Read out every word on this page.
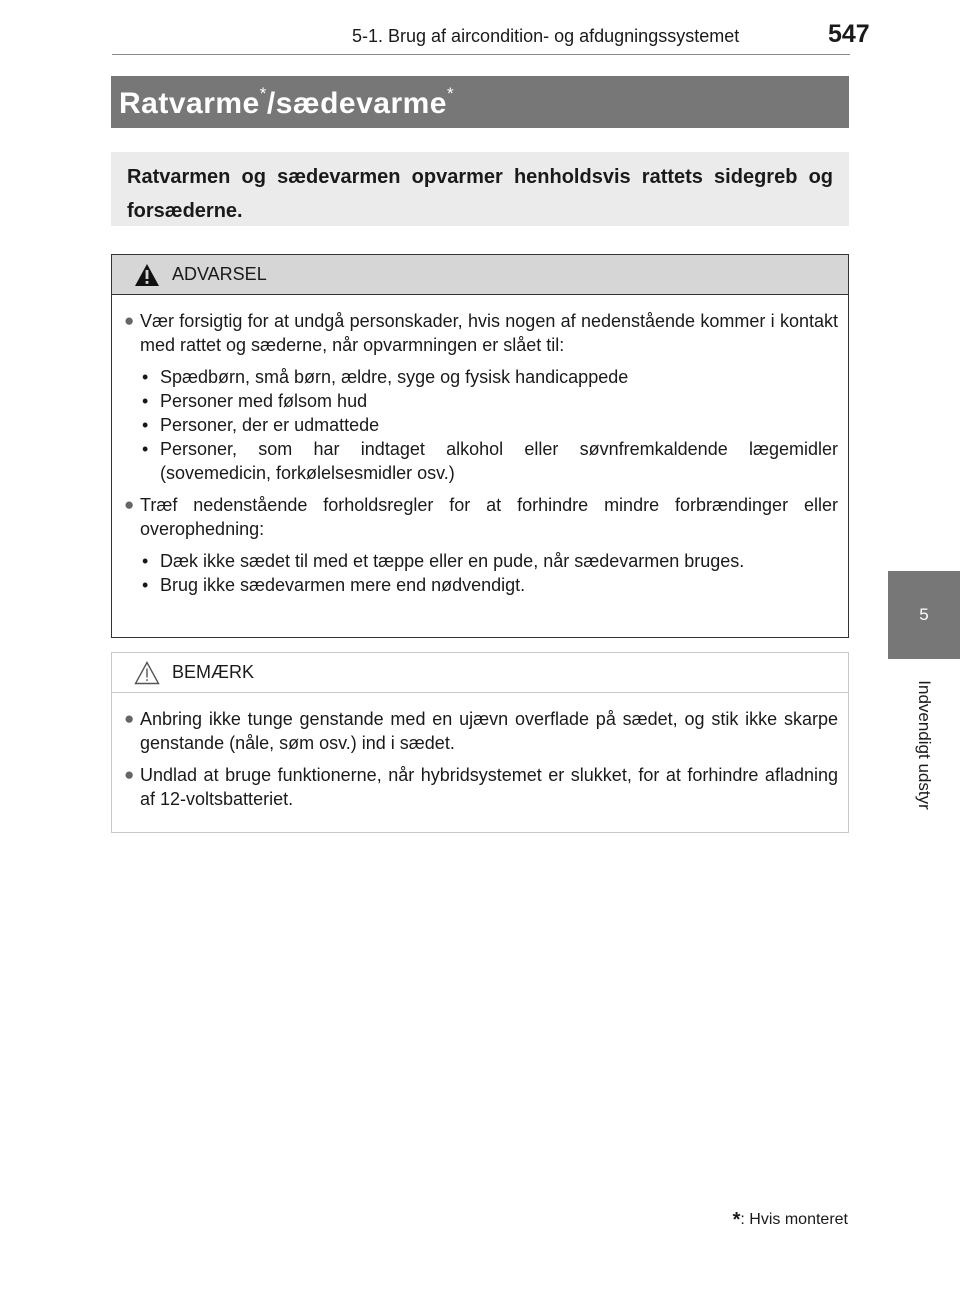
5-1. Brug af aircondition- og afdugningssystemet	547
Ratvarme*/sædevarme*
Ratvarmen og sædevarmen opvarmer henholdsvis rattets sidegreb og forsæderne.
ADVARSEL
● Vær forsigtig for at undgå personskader, hvis nogen af nedenstående kommer i kontakt med rattet og sæderne, når opvarmningen er slået til:
• Spædbørn, små børn, ældre, syge og fysisk handicappede
• Personer med følsom hud
• Personer, der er udmattede
• Personer, som har indtaget alkohol eller søvnfremkaldende lægemidler (sovemedicin, forkølelsesmidler osv.)
● Træf nedenstående forholdsregler for at forhindre mindre forbrændinger eller overophedning:
• Dæk ikke sædet til med et tæppe eller en pude, når sædevarmen bruges.
• Brug ikke sædevarmen mere end nødvendigt.
BEMÆRK
● Anbring ikke tunge genstande med en ujævn overflade på sædet, og stik ikke skarpe genstande (nåle, søm osv.) ind i sædet.
● Undlad at bruge funktionerne, når hybridsystemet er slukket, for at forhindre afladning af 12-voltsbatteriet.
5
Indvendigt udstyr
*: Hvis monteret
